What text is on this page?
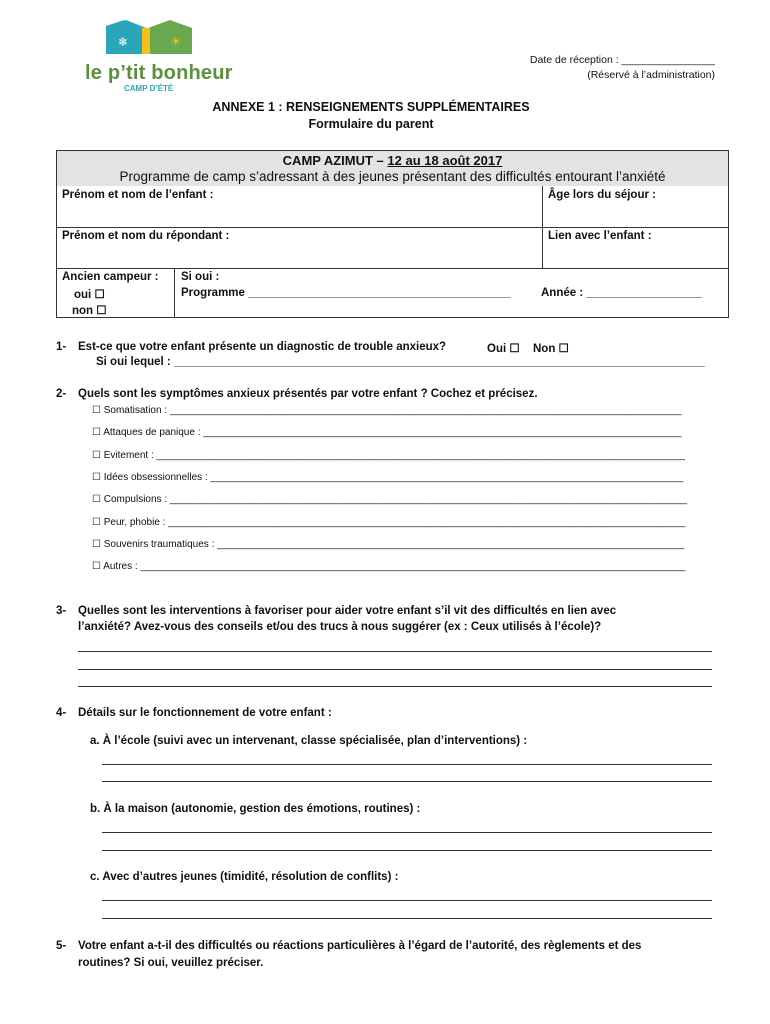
❄	☀
le p’tit bonheur
CAMP D’ÉTÉ
Date de réception : ________________
(Réservé à l’administration)
ANNEXE 1 : RENSEIGNEMENTS SUPPLÉMENTAIRES
Formulaire du parent
CAMP AZIMUT – 12 au 18 août 2017
Programme de camp s’adressant à des jeunes présentant des difficultés entourant l’anxiété
Prénom et nom de l’enfant :	Âge lors du séjour :
Prénom et nom du répondant :	Lien avec l’enfant :
Ancien campeur :
oui ☐
non ☐
Si oui :
Programme _________________________________________	Année : __________________
1- Est-ce que votre enfant présente un diagnostic de trouble anxieux?	Oui ☐ Non ☐
Si oui lequel : ___________________________________________________________________________________
2- Quels sont les symptômes anxieux présentés par votre enfant ? Cochez et précisez.
☐ Somatisation : ____________________________________________________________________________________________
☐ Attaques de panique : ______________________________________________________________________________________
☐ Évitement : _______________________________________________________________________________________________
☐ Idées obsessionnelles : _____________________________________________________________________________________
☐ Compulsions : _____________________________________________________________________________________________
☐ Peur, phobie : _____________________________________________________________________________________________
☐ Souvenirs traumatiques : ____________________________________________________________________________________
☐ Autres : __________________________________________________________________________________________________
3- Quelles sont les interventions à favoriser pour aider votre enfant s’il vit des difficultés en lien avec
l’anxiété? Avez-vous des conseils et/ou des trucs à nous suggérer (ex : Ceux utilisés à l’école)?
4- Détails sur le fonctionnement de votre enfant :
a. À l’école (suivi avec un intervenant, classe spécialisée, plan d’interventions) :
b. À la maison (autonomie, gestion des émotions, routines) :
c. Avec d’autres jeunes (timidité, résolution de conflits) :
5- Votre enfant a-t-il des difficultés ou réactions particulières à l’égard de l’autorité, des règlements et des
routines? Si oui, veuillez préciser.
